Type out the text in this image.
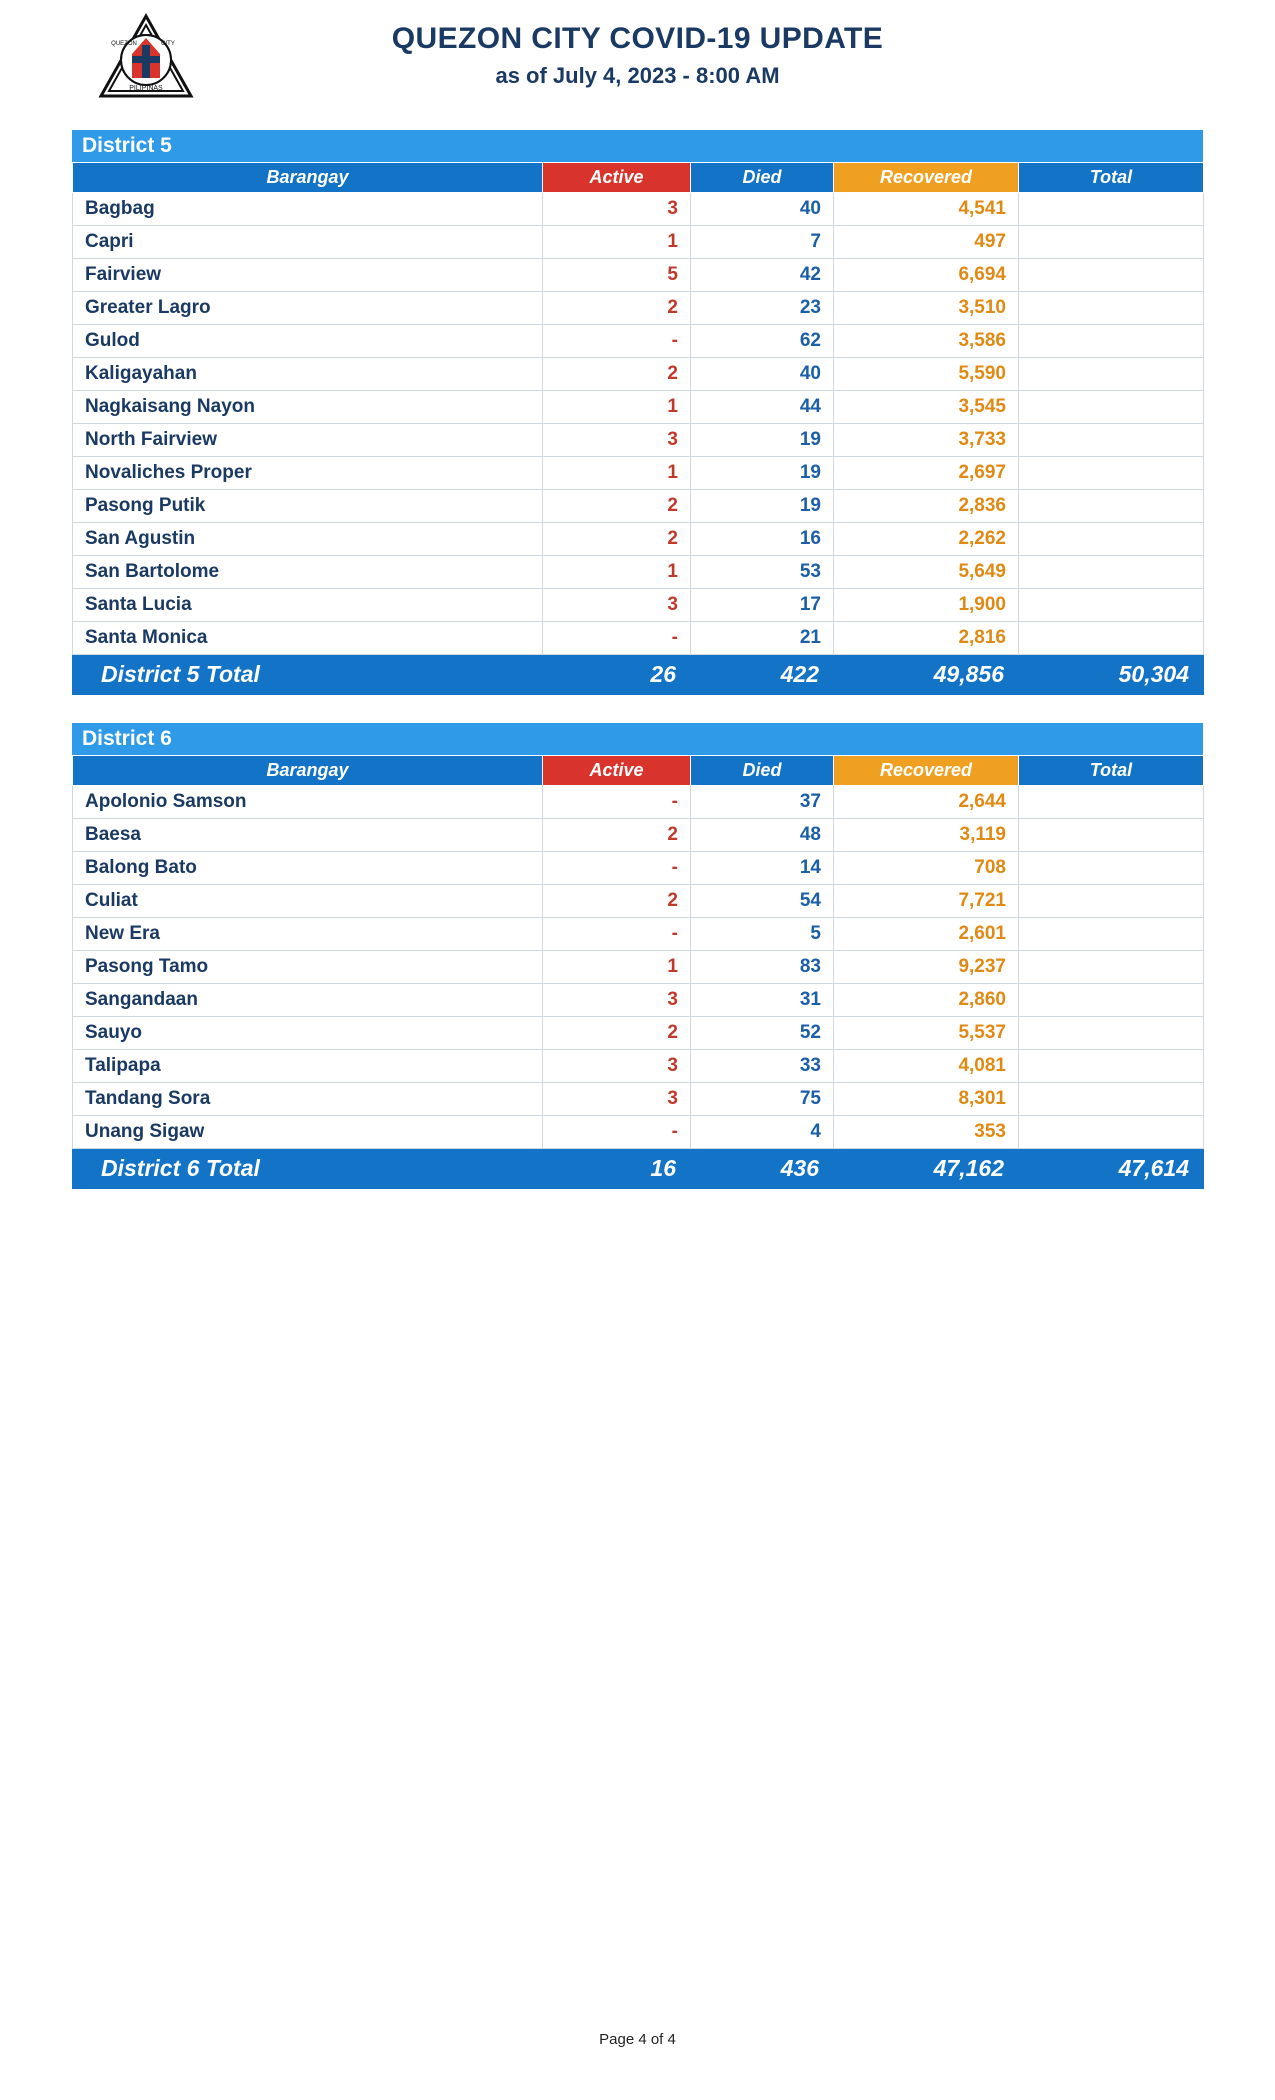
PILIPINAS
QUEZON	CITY	QUEZON CITY COVID-19 UPDATE
as of July 4, 2023 - 8:00 AM
District 5
Barangay	Active	Died	Recovered	Total
Bagbag	3	40	4,541	4,584
Capri	1	7	497	505
Fairview	5	42	6,694	6,741
Greater Lagro	2	23	3,510	3,535
Gulod	-	62	3,586	3,648
Kaligayahan	2	40	5,590	5,632
Nagkaisang Nayon	1	44	3,545	3,590
North Fairview	3	19	3,733	3,755
Novaliches Proper	1	19	2,697	2,717
Pasong Putik	2	19	2,836	2,857
San Agustin	2	16	2,262	2,280
San Bartolome	1	53	5,649	5,703
Santa Lucia	3	17	1,900	1,920
Santa Monica	-	21	2,816	2,837
District 5 Total	26	422	49,856	50,304
District 6
Barangay	Active	Died	Recovered	Total
Apolonio Samson	-	37	2,644	2,681
Baesa	2	48	3,119	3,169
Balong Bato	-	14	708	722
Culiat	2	54	7,721	7,777
New Era	-	5	2,601	2,606
Pasong Tamo	1	83	9,237	9,321
Sangandaan	3	31	2,860	2,894
Sauyo	2	52	5,537	5,591
Talipapa	3	33	4,081	4,117
Tandang Sora	3	75	8,301	8,379
Unang Sigaw	-	4	353	357
District 6 Total	16	436	47,162	47,614
Page 4 of 4
